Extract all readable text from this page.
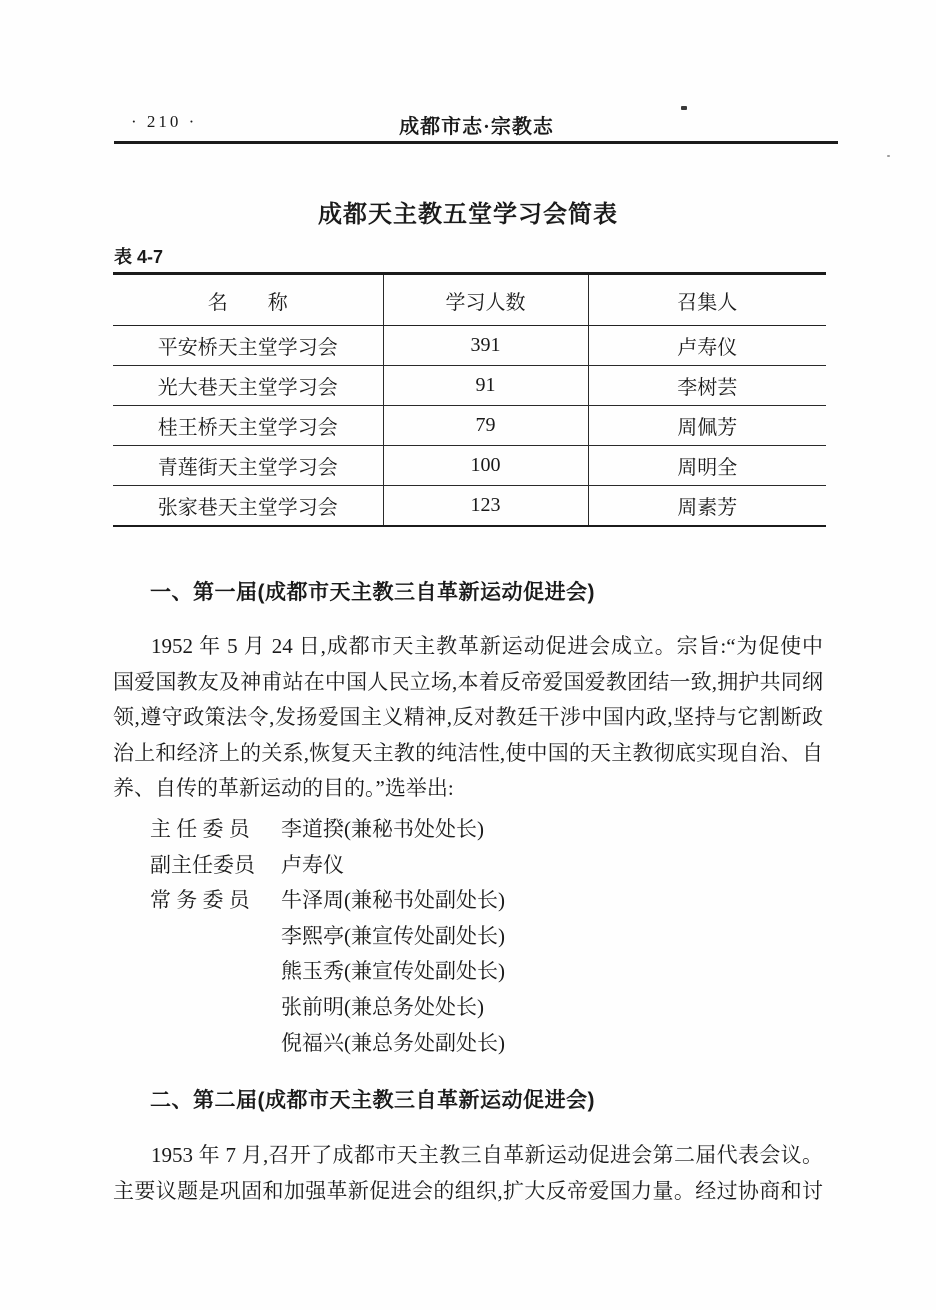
· 210 ·	成都市志·宗教志
成都天主教五堂学习会简表
表 4-7
名　　称	学习人数	召集人
平安桥天主堂学习会	391	卢寿仪
光大巷天主堂学习会	91	李树芸
桂王桥天主堂学习会	79	周佩芳
青莲街天主堂学习会	100	周明全
张家巷天主堂学习会	123	周素芳
一、第一届(成都市天主教三自革新运动促进会)
1952 年 5 月 24 日,成都市天主教革新运动促进会成立。宗旨:“为促使中
国爱国教友及神甫站在中国人民立场,本着反帝爱国爱教团结一致,拥护共同纲
领,遵守政策法令,发扬爱国主义精神,反对教廷干涉中国内政,坚持与它割断政
治上和经济上的关系,恢复天主教的纯洁性,使中国的天主教彻底实现自治、自
养、自传的革新运动的目的。”选举出:
主 任 委 员 李道揆(兼秘书处处长)
副主任委员 卢寿仪
常 务 委 员 牛泽周(兼秘书处副处长)
李熙亭(兼宣传处副处长)
熊玉秀(兼宣传处副处长)
张前明(兼总务处处长)
倪福兴(兼总务处副处长)
二、第二届(成都市天主教三自革新运动促进会)
1953 年 7 月,召开了成都市天主教三自革新运动促进会第二届代表会议。
主要议题是巩固和加强革新促进会的组织,扩大反帝爱国力量。经过协商和讨
